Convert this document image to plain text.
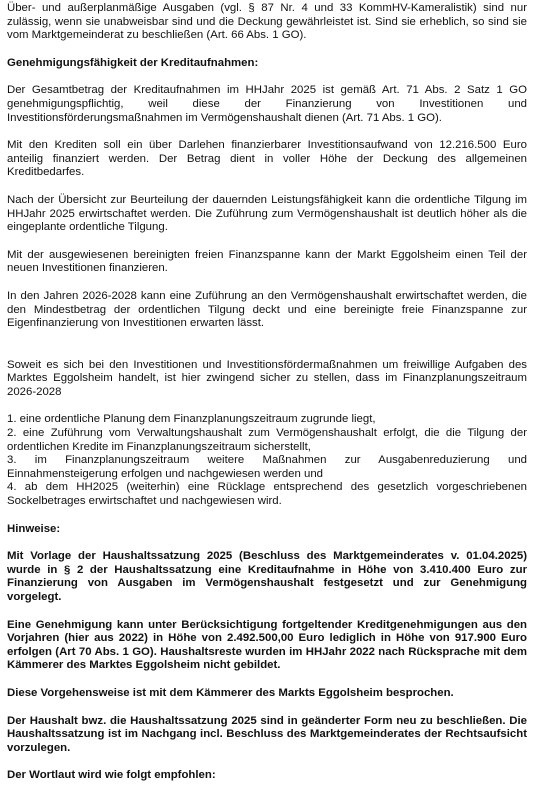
Über- und außerplanmäßige Ausgaben (vgl. § 87 Nr. 4 und 33 KommHV-Kameralistik) sind nur zulässig, wenn sie unabweisbar sind und die Deckung gewährleistet ist. Sind sie erheblich, so sind sie vom Marktgemeinderat zu beschließen (Art. 66 Abs. 1 GO).

Genehmigungsfähigkeit der Kreditaufnahmen:

Der Gesamtbetrag der Kreditaufnahmen im HHJahr 2025 ist gemäß Art. 71 Abs. 2 Satz 1 GO genehmigungspflichtig, weil diese der Finanzierung von Investitionen und Investitionsförderungsmaßnahmen im Vermögenshaushalt dienen (Art. 71 Abs. 1 GO).

Mit den Krediten soll ein über Darlehen finanzierbarer Investitionsaufwand von 12.216.500 Euro anteilig finanziert werden. Der Betrag dient in voller Höhe der Deckung des allgemeinen Kreditbedarfes.

Nach der Übersicht zur Beurteilung der dauernden Leistungsfähigkeit kann die ordentliche Tilgung im HHJahr 2025 erwirtschaftet werden. Die Zuführung zum Vermögenshaushalt ist deutlich höher als die eingeplante ordentliche Tilgung.

Mit der ausgewiesenen bereinigten freien Finanzspanne kann der Markt Eggolsheim einen Teil der neuen Investitionen finanzieren.

In den Jahren 2026-2028 kann eine Zuführung an den Vermögenshaushalt erwirtschaftet werden, die den Mindestbetrag der ordentlichen Tilgung deckt und eine bereinigte freie Finanzspanne zur Eigenfinanzierung von Investitionen erwarten lässt.

Soweit es sich bei den Investitionen und Investitionsfördermaßnahmen um freiwillige Aufgaben des Marktes Eggolsheim handelt, ist hier zwingend sicher zu stellen, dass im Finanzplanungszeitraum 2026-2028

1. eine ordentliche Planung dem Finanzplanungszeitraum zugrunde liegt,

2. eine Zuführung vom Verwaltungshaushalt zum Vermögenshaushalt erfolgt, die die Tilgung der ordentlichen Kredite im Finanzplanungszeitraum sicherstellt,

3. im Finanzplanungszeitraum weitere Maßnahmen zur Ausgabenreduzierung und Einnahmensteigerung erfolgen und nachgewiesen werden und

4. ab dem HH2025 (weiterhin) eine Rücklage entsprechend des gesetzlich vorgeschriebenen Sockelbetrages erwirtschaftet und nachgewiesen wird.

Hinweise:

Mit Vorlage der Haushaltssatzung 2025 (Beschluss des Marktgemeinderates v. 01.04.2025) wurde in § 2 der Haushaltssatzung eine Kreditaufnahme in Höhe von 3.410.400 Euro zur Finanzierung von Ausgaben im Vermögenshaushalt festgesetzt und zur Genehmigung vorgelegt.

Eine Genehmigung kann unter Berücksichtigung fortgeltender Kreditgenehmigungen aus den Vorjahren (hier aus 2022) in Höhe von 2.492.500,00 Euro lediglich in Höhe von 917.900 Euro erfolgen (Art 70 Abs. 1 GO). Haushaltsreste wurden im HHJahr 2022 nach Rücksprache mit dem Kämmerer des Marktes Eggolsheim nicht gebildet.

Diese Vorgehensweise ist mit dem Kämmerer des Markts Eggolsheim besprochen.

Der Haushalt bwz. die Haushaltssatzung 2025 sind in geänderter Form neu zu beschließen. Die Haushaltssatzung ist im Nachgang incl. Beschluss des Marktgemeinderates der Rechtsaufsicht vorzulegen.

Der Wortlaut wird wie folgt empfohlen:
